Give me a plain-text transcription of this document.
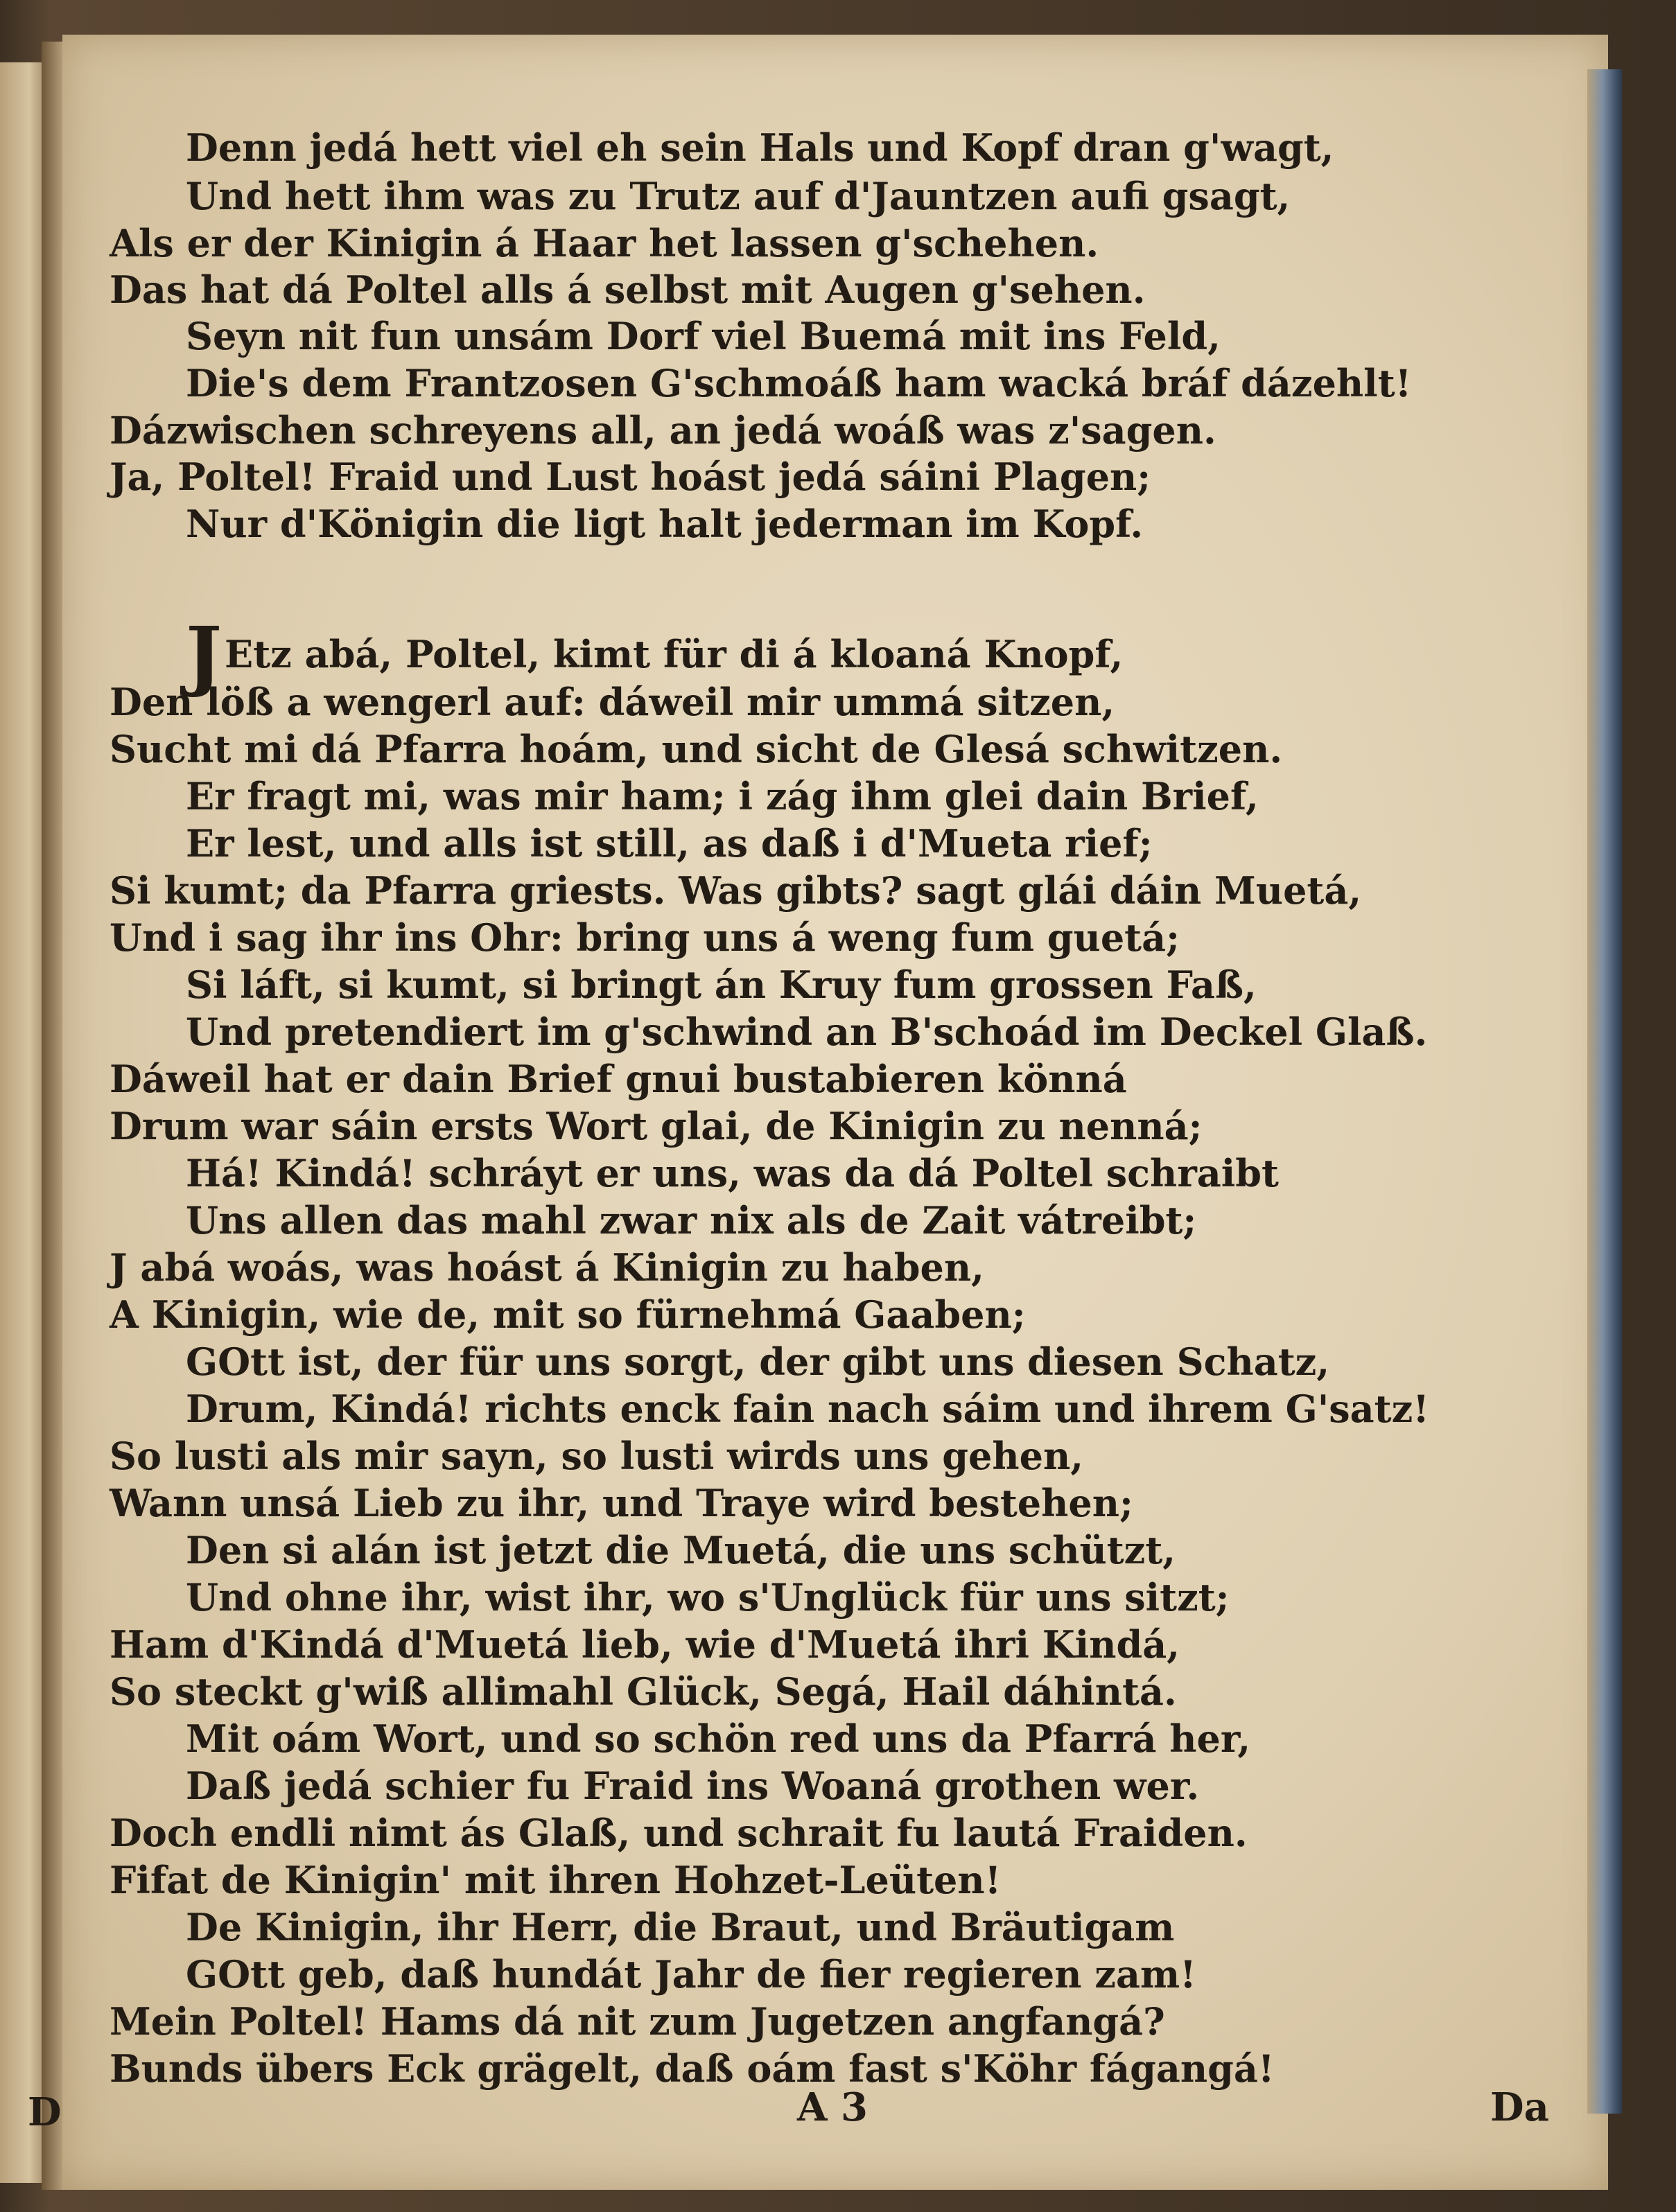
Denn jedá hett viel eh sein Hals und Kopf dran g'wagt,
Und hett ihm was zu Trutz auf d'Jauntzen aufi gsagt,
Als er der Kinigin á Haar het lassen g'schehen.
Das hat dá Poltel alls á selbst mit Augen g'sehen.
Seyn nit fun unsám Dorf viel Buemá mit ins Feld,
Die's dem Frantzosen G'schmoáß ham wacká bráf dázehlt!
Dázwischen schreyens all, an jedá woáß was z'sagen.
Ja, Poltel! Fraid und Lust hoást jedá sáini Plagen;
Nur d'Königin die ligt halt jederman im Kopf.
JEtz abá, Poltel, kimt für di á kloaná Knopf,
Den löß a wengerl auf: dáweil mir ummá sitzen,
Sucht mi dá Pfarra hoám, und sicht de Glesá schwitzen.
Er fragt mi, was mir ham; i zág ihm glei dain Brief,
Er lest, und alls ist still, as daß i d'Mueta rief;
Si kumt; da Pfarra griests. Was gibts? sagt glái dáin Muetá,
Und i sag ihr ins Ohr: bring uns á weng fum guetá;
Si láft, si kumt, si bringt án Kruy fum grossen Faß,
Und pretendiert im g'schwind an B'schoád im Deckel Glaß.
Dáweil hat er dain Brief gnui bustabieren könná
Drum war sáin ersts Wort glai, de Kinigin zu nenná;
Há! Kindá! schráyt er uns, was da dá Poltel schraibt
Uns allen das mahl zwar nix als de Zait vátreibt;
J abá woás, was hoást á Kinigin zu haben,
A Kinigin, wie de, mit so fürnehmá Gaaben;
GOtt ist, der für uns sorgt, der gibt uns diesen Schatz,
Drum, Kindá! richts enck fain nach sáim und ihrem G'satz!
So lusti als mir sayn, so lusti wirds uns gehen,
Wann unsá Lieb zu ihr, und Traye wird bestehen;
Den si alán ist jetzt die Muetá, die uns schützt,
Und ohne ihr, wist ihr, wo s'Unglück für uns sitzt;
Ham d'Kindá d'Muetá lieb, wie d'Muetá ihri Kindá,
So steckt g'wiß allimahl Glück, Segá, Hail dáhintá.
Mit oám Wort, und so schön red uns da Pfarrá her,
Daß jedá schier fu Fraid ins Woaná grothen wer.
Doch endli nimt ás Glaß, und schrait fu lautá Fraiden.
Fifat de Kinigin' mit ihren Hohzet-Leüten!
De Kinigin, ihr Herr, die Braut, und Bräutigam
GOtt geb, daß hundát Jahr de fier regieren zam!
Mein Poltel! Hams dá nit zum Jugetzen angfangá?
Bunds übers Eck grägelt, daß oám fast s'Köhr fágangá!
A 3	Da
D
